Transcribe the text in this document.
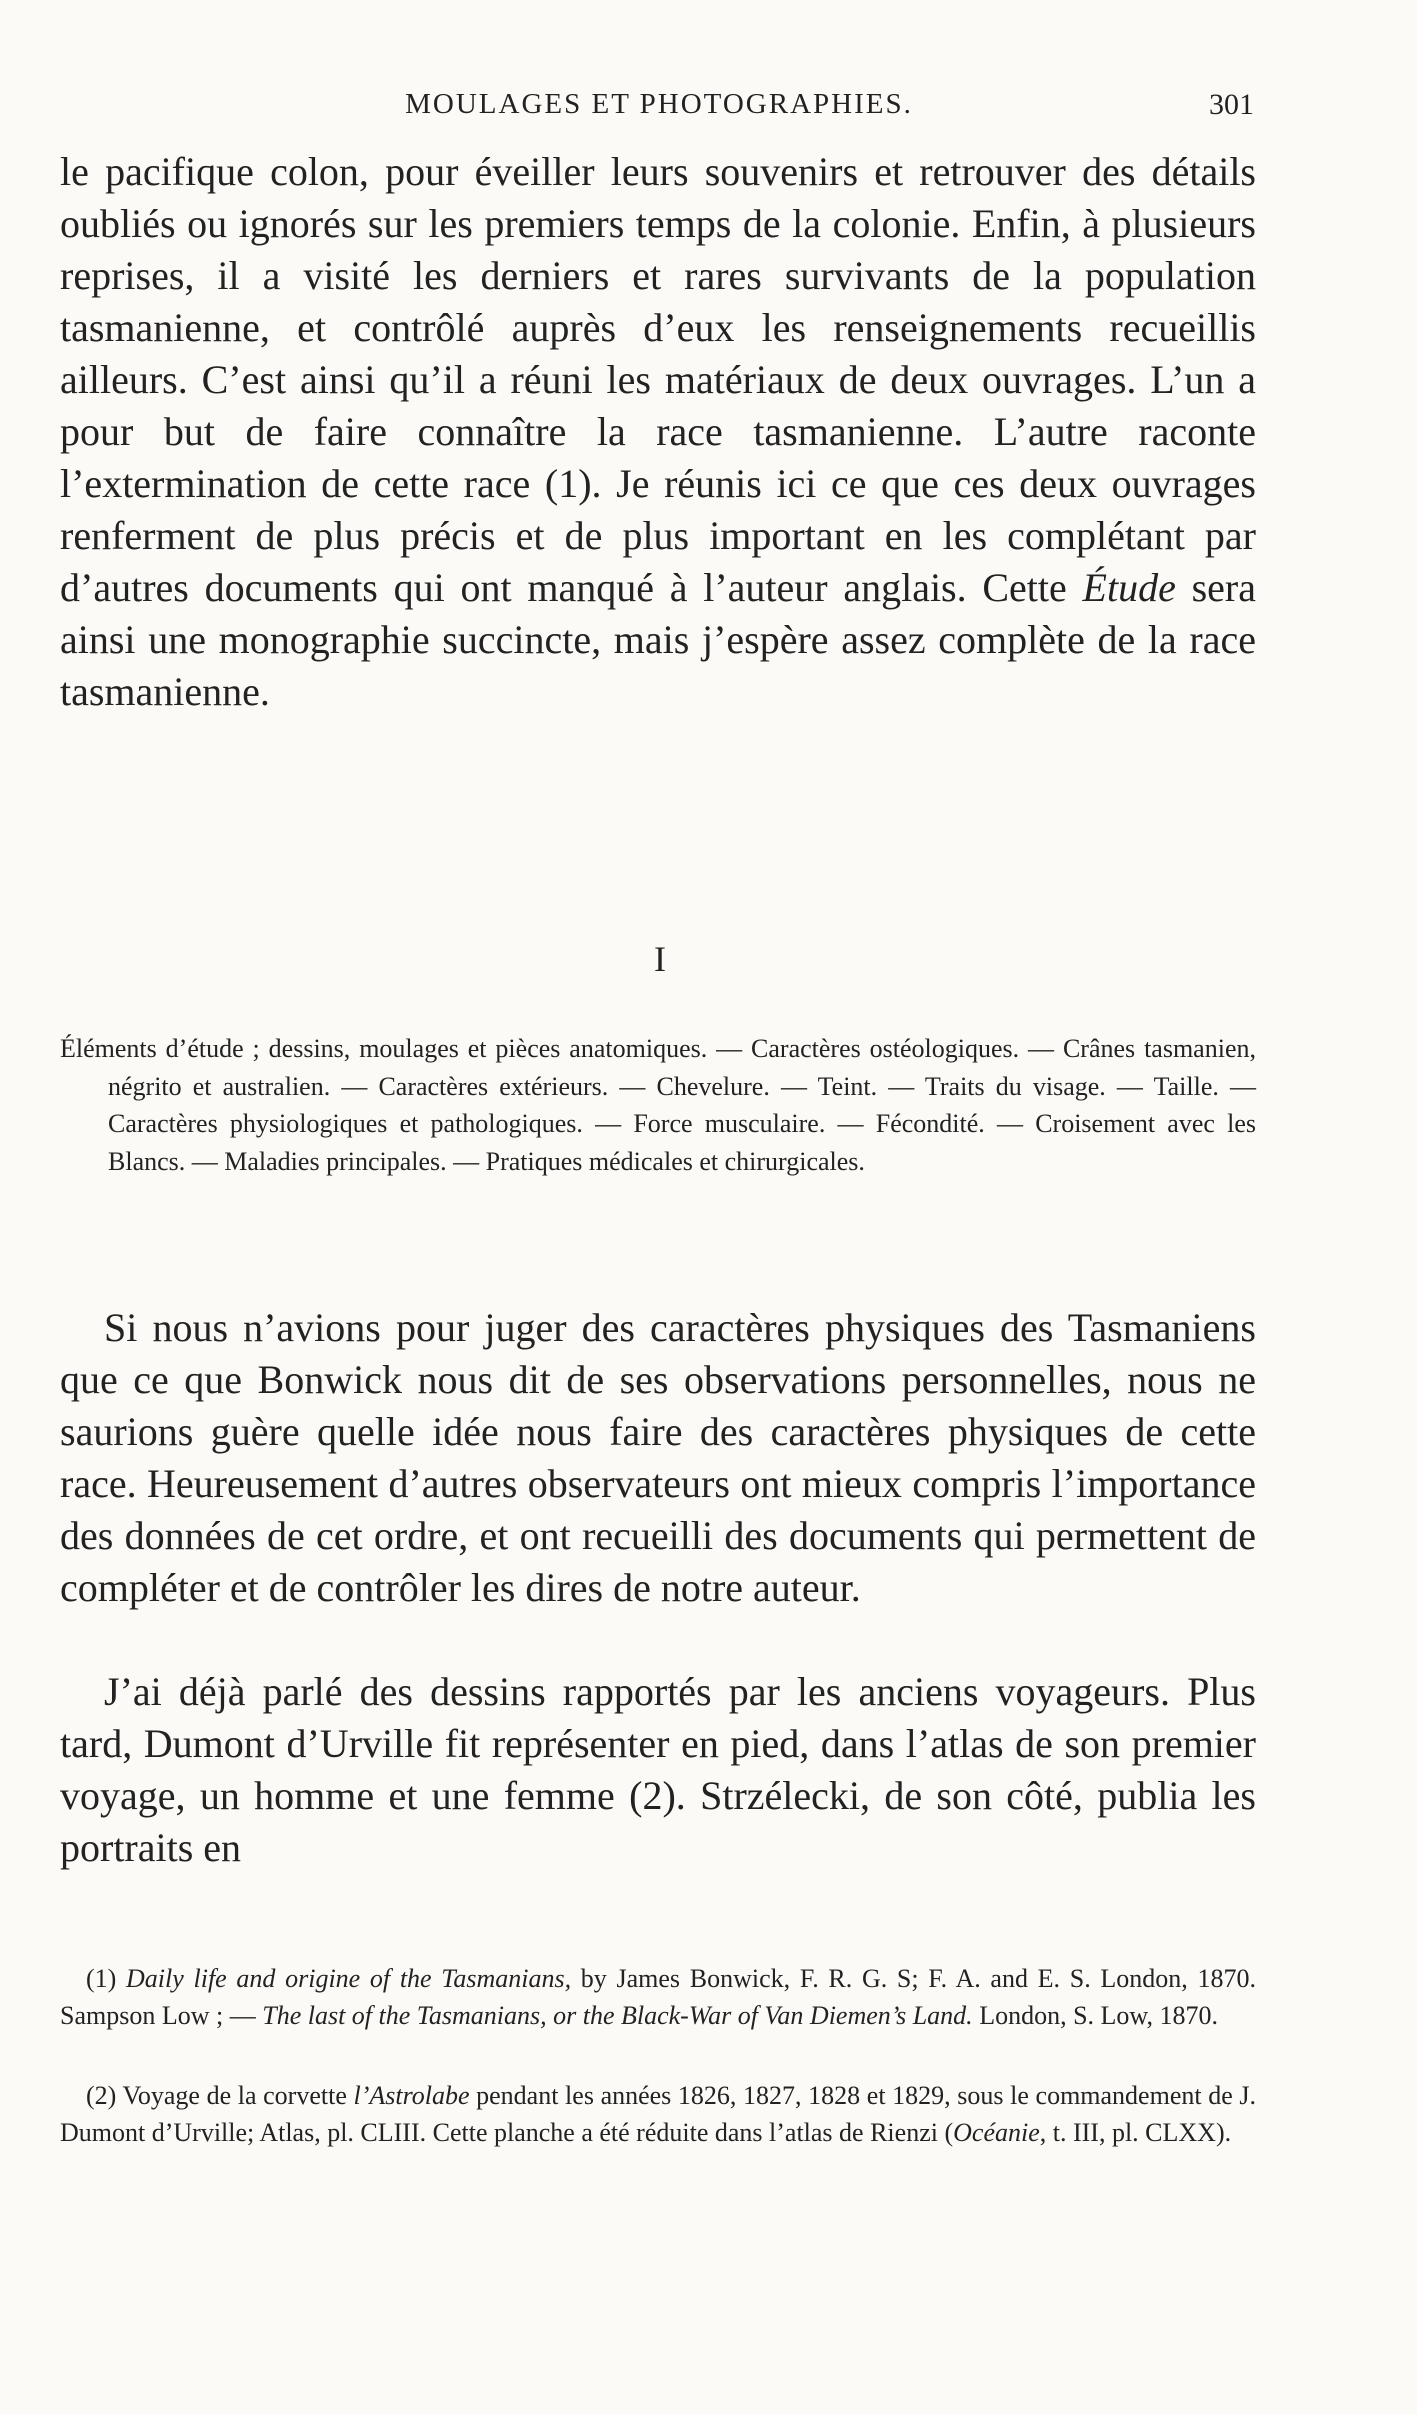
MOULAGES ET PHOTOGRAPHIES.	301

le pacifique colon, pour éveiller leurs souvenirs et retrouver des détails oubliés ou ignorés sur les premiers temps de la colonie. Enfin, à plusieurs reprises, il a visité les derniers et rares survivants de la population tasmanienne, et contrôlé auprès d’eux les renseignements recueillis ailleurs. C’est ainsi qu’il a réuni les matériaux de deux ouvrages. L’un a pour but de faire connaître la race tasmanienne. L’autre raconte l’extermination de cette race (1). Je réunis ici ce que ces deux ouvrages renferment de plus précis et de plus important en les complétant par d’autres documents qui ont manqué à l’auteur anglais. Cette Étude sera ainsi une monographie succincte, mais j’espère assez complète de la race tasmanienne.

I

Éléments d’étude ; dessins, moulages et pièces anatomiques. — Caractères ostéologiques. — Crânes tasmanien, négrito et australien. — Caractères extérieurs. — Chevelure. — Teint. — Traits du visage. — Taille. — Caractères physiologiques et pathologiques. — Force musculaire. — Fécondité. — Croisement avec les Blancs. — Maladies principales. — Pratiques médicales et chirurgicales.

Si nous n’avions pour juger des caractères physiques des Tasmaniens que ce que Bonwick nous dit de ses observations personnelles, nous ne saurions guère quelle idée nous faire des caractères physiques de cette race. Heureusement d’autres observateurs ont mieux compris l’importance des données de cet ordre, et ont recueilli des documents qui permettent de compléter et de contrôler les dires de notre auteur.

J’ai déjà parlé des dessins rapportés par les anciens voyageurs. Plus tard, Dumont d’Urville fit représenter en pied, dans l’atlas de son premier voyage, un homme et une femme (2). Strzélecki, de son côté, publia les portraits en

(1) Daily life and origine of the Tasmanians, by James Bonwick, F. R. G. S; F. A. and E. S. London, 1870. Sampson Low ; — The last of the Tasmanians, or the Black-War of Van Diemen’s Land. London, S. Low, 1870.

(2) Voyage de la corvette l’Astrolabe pendant les années 1826, 1827, 1828 et 1829, sous le commandement de J. Dumont d’Urville; Atlas, pl. CLIII. Cette planche a été réduite dans l’atlas de Rienzi (Océanie, t. III, pl. CLXX).
